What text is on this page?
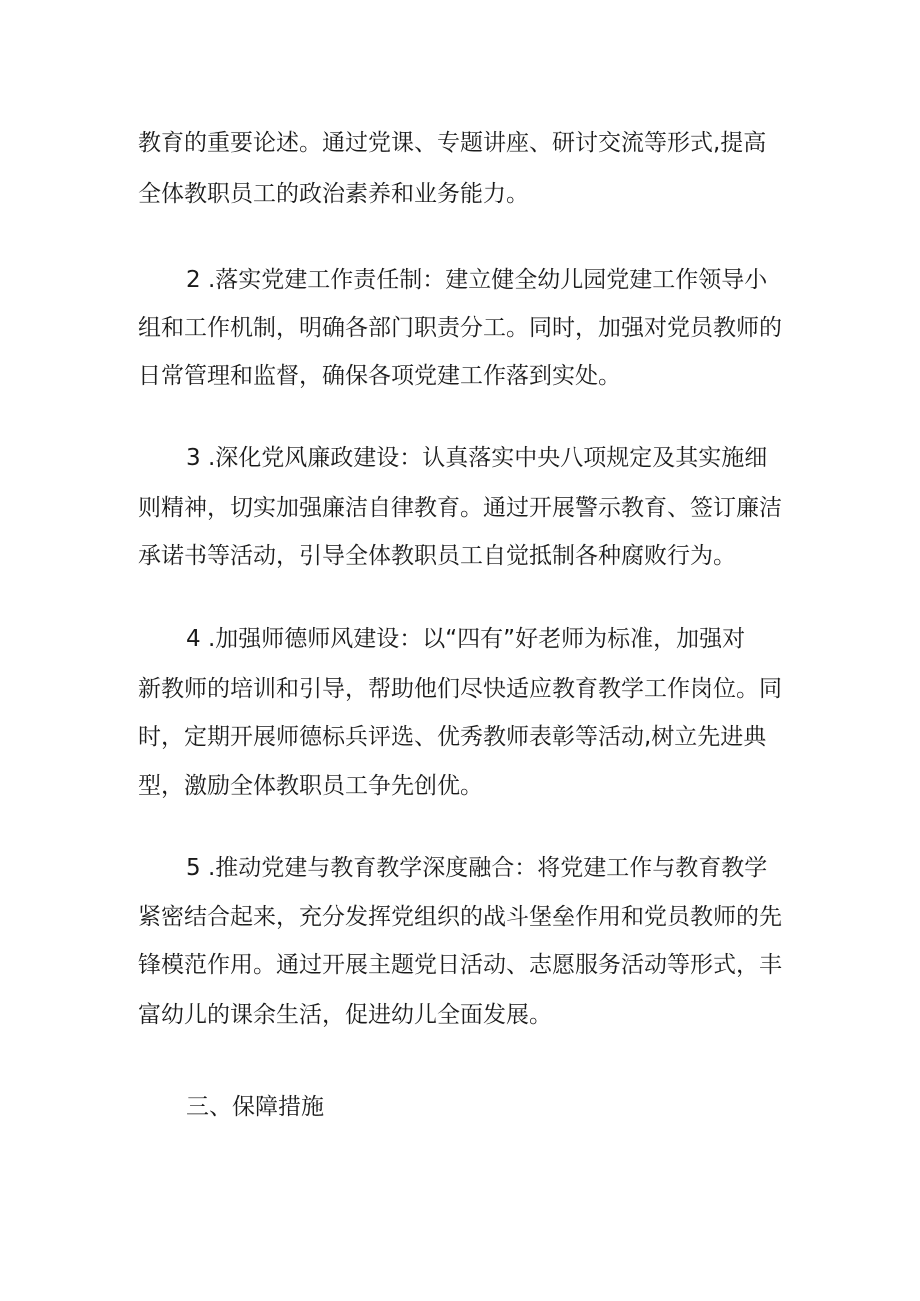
教育的重要论述。通过党课、专题讲座、研讨交流等形式,提高
全体教职员工的政治素养和业务能力。
2 .落实党建工作责任制：建立健全幼儿园党建工作领导小
组和工作机制，明确各部门职责分工。同时，加强对党员教师的
日常管理和监督，确保各项党建工作落到实处。
3 .深化党风廉政建设：认真落实中央八项规定及其实施细
则精神，切实加强廉洁自律教育。通过开展警示教育、签订廉洁
承诺书等活动，引导全体教职员工自觉抵制各种腐败行为。
4 .加强师德师风建设：以“四有”好老师为标准，加强对
新教师的培训和引导，帮助他们尽快适应教育教学工作岗位。同
时，定期开展师德标兵评选、优秀教师表彰等活动,树立先进典
型，激励全体教职员工争先创优。
5 .推动党建与教育教学深度融合：将党建工作与教育教学
紧密结合起来，充分发挥党组织的战斗堡垒作用和党员教师的先
锋模范作用。通过开展主题党日活动、志愿服务活动等形式，丰
富幼儿的课余生活，促进幼儿全面发展。
三、保障措施
